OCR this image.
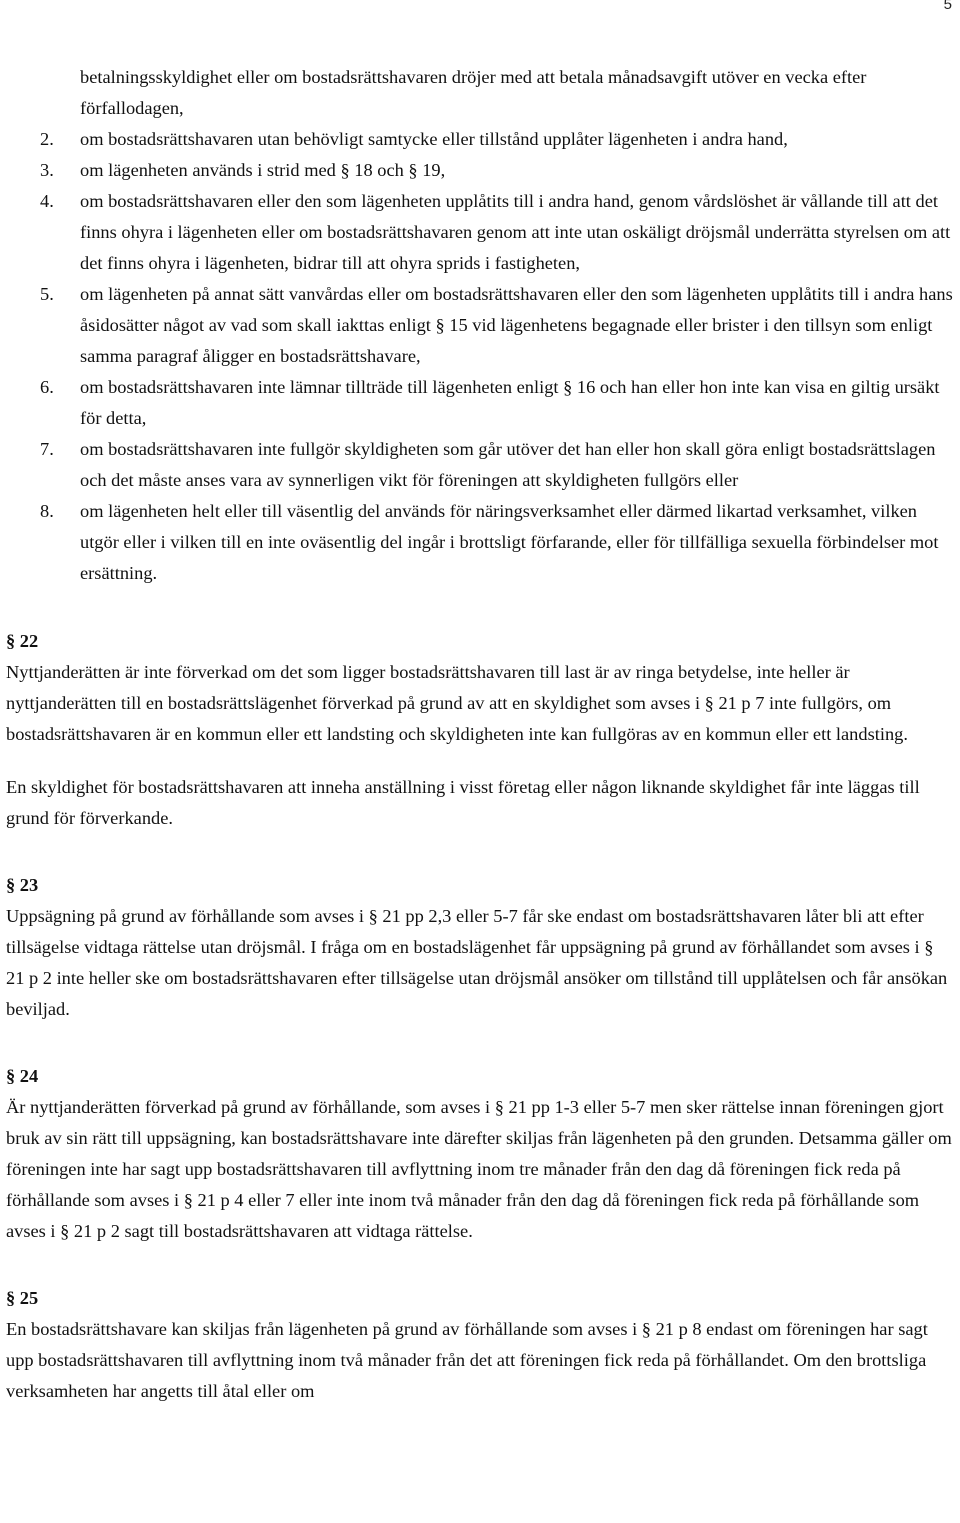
5
betalningsskyldighet eller om bostadsrättshavaren dröjer med att betala månadsavgift utöver en vecka efter förfallodagen,
2. om bostadsrättshavaren utan behövligt samtycke eller tillstånd upplåter lägenheten i andra hand,
3. om lägenheten används i strid med § 18 och § 19,
4. om bostadsrättshavaren eller den som lägenheten upplåtits till i andra hand, genom vårdslöshet är vållande till att det finns ohyra i lägenheten eller om bostadsrättshavaren genom att inte utan oskäligt dröjsmål underrätta styrelsen om att det finns ohyra i lägenheten, bidrar till att ohyra sprids i fastigheten,
5. om lägenheten på annat sätt vanvårdas eller om bostadsrättshavaren eller den som lägenheten upplåtits till i andra hans åsidosätter något av vad som skall iakttas enligt § 15 vid lägenhetens begagnade eller brister i den tillsyn som enligt samma paragraf åligger en bostadsrättshavare,
6. om bostadsrättshavaren inte lämnar tillträde till lägenheten enligt § 16 och han eller hon inte kan visa en giltig ursäkt för detta,
7. om bostadsrättshavaren inte fullgör skyldigheten som går utöver det han eller hon skall göra enligt bostadsrättslagen och det måste anses vara av synnerligen vikt för föreningen att skyldigheten fullgörs eller
8. om lägenheten helt eller till väsentlig del används för näringsverksamhet eller därmed likartad verksamhet, vilken utgör eller i vilken till en inte oväsentlig del ingår i brottsligt förfarande, eller för tillfälliga sexuella förbindelser mot ersättning.
§ 22

Nyttjanderätten är inte förverkad om det som ligger bostadsrättshavaren till last är av ringa betydelse, inte heller är nyttjanderätten till en bostadsrättslägenhet förverkad på grund av att en skyldighet som avses i § 21 p 7 inte fullgörs, om bostadsrättshavaren är en kommun eller ett landsting och skyldigheten inte kan fullgöras av en kommun eller ett landsting.

En skyldighet för bostadsrättshavaren att inneha anställning i visst företag eller någon liknande skyldighet får inte läggas till grund för förverkande.

§ 23

Uppsägning på grund av förhållande som avses i § 21 pp 2,3 eller 5-7 får ske endast om bostadsrättshavaren låter bli att efter tillsägelse vidtaga rättelse utan dröjsmål. I fråga om en bostadslägenhet får uppsägning på grund av förhållandet som avses i § 21 p 2 inte heller ske om bostadsrättshavaren efter tillsägelse utan dröjsmål ansöker om tillstånd till upplåtelsen och får ansökan beviljad.

§ 24

Är nyttjanderätten förverkad på grund av förhållande, som avses i § 21 pp 1-3 eller 5-7 men sker rättelse innan föreningen gjort bruk av sin rätt till uppsägning, kan bostadsrättshavare inte därefter skiljas från lägenheten på den grunden. Detsamma gäller om föreningen inte har sagt upp bostadsrättshavaren till avflyttning inom tre månader från den dag då föreningen fick reda på förhållande som avses i § 21 p 4 eller 7 eller inte inom två månader från den dag då föreningen fick reda på förhållande som avses i § 21 p 2 sagt till bostadsrättshavaren att vidtaga rättelse.

§ 25

En bostadsrättshavare kan skiljas från lägenheten på grund av förhållande som avses i § 21 p 8 endast om föreningen har sagt upp bostadsrättshavaren till avflyttning inom två månader från det att föreningen fick reda på förhållandet. Om den brottsliga verksamheten har angetts till åtal eller om
